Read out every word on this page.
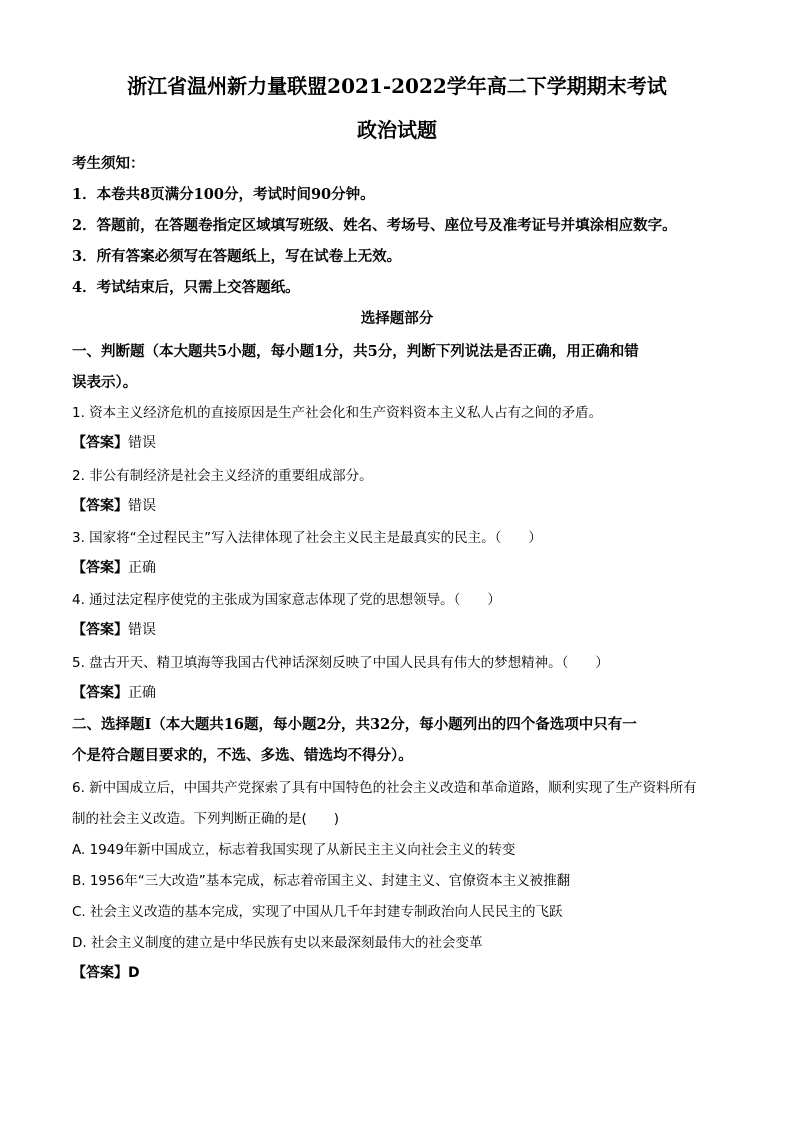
浙江省温州新力量联盟2021-2022学年高二下学期期末考试
政治试题
考生须知：
1．本卷共8页满分100分，考试时间90分钟。
2．答题前，在答题卷指定区域填写班级、姓名、考场号、座位号及准考证号并填涂相应数字。
3．所有答案必须写在答题纸上，写在试卷上无效。
4．考试结束后，只需上交答题纸。
选择题部分
一、判断题（本大题共5小题，每小题1分，共5分，判断下列说法是否正确，用正确和错
误表示）。
1. 资本主义经济危机的直接原因是生产社会化和生产资料资本主义私人占有之间的矛盾。
【答案】错误
2. 非公有制经济是社会主义经济的重要组成部分。
【答案】错误
3. 国家将“全过程民主”写入法律体现了社会主义民主是最真实的民主。（　　）
【答案】正确
4. 通过法定程序使党的主张成为国家意志体现了党的思想领导。（　　）
【答案】错误
5. 盘古开天、精卫填海等我国古代神话深刻反映了中国人民具有伟大的梦想精神。（　　）
【答案】正确
二、选择题Ⅰ（本大题共16题，每小题2分，共32分，每小题列出的四个备选项中只有一
个是符合题目要求的，不选、多选、错选均不得分）。
6. 新中国成立后，中国共产党探索了具有中国特色的社会主义改造和革命道路，顺利实现了生产资料所有
制的社会主义改造。下列判断正确的是(　　)
A. 1949年新中国成立，标志着我国实现了从新民主主义向社会主义的转变
B. 1956年“三大改造”基本完成，标志着帝国主义、封建主义、官僚资本主义被推翻
C. 社会主义改造的基本完成，实现了中国从几千年封建专制政治向人民民主的飞跃
D. 社会主义制度的建立是中华民族有史以来最深刻最伟大的社会变革
【答案】D
